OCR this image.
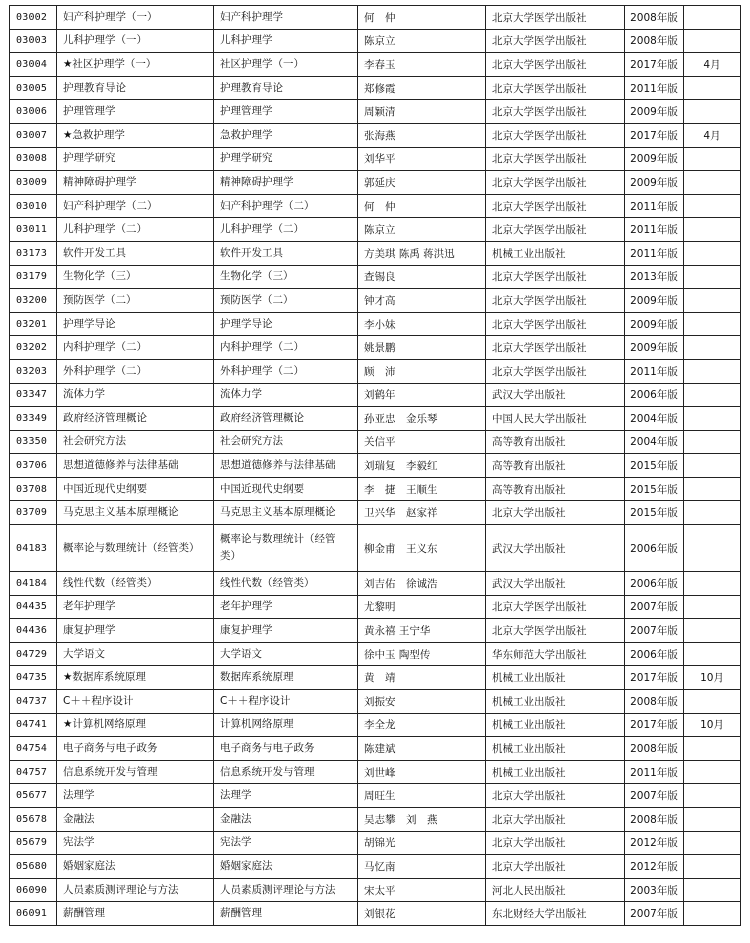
03002	妇产科护理学（一）	妇产科护理学	何　仲	北京大学医学出版社	2008年版	
03003	儿科护理学（一）	儿科护理学	陈京立	北京大学医学出版社	2008年版	
03004	★社区护理学（一）	社区护理学（一）	李春玉	北京大学医学出版社	2017年版	4月
03005	护理教育导论	护理教育导论	郑修霞	北京大学医学出版社	2011年版	
03006	护理管理学	护理管理学	周颖清	北京大学医学出版社	2009年版	
03007	★急救护理学	急救护理学	张海燕	北京大学医学出版社	2017年版	4月
03008	护理学研究	护理学研究	刘华平	北京大学医学出版社	2009年版	
03009	精神障碍护理学	精神障碍护理学	郭延庆	北京大学医学出版社	2009年版	
03010	妇产科护理学（二）	妇产科护理学（二）	何　仲	北京大学医学出版社	2011年版	
03011	儿科护理学（二）	儿科护理学（二）	陈京立	北京大学医学出版社	2011年版	
03173	软件开发工具	软件开发工具	方美琪 陈禹 蒋洪迅	机械工业出版社	2011年版	
03179	生物化学（三）	生物化学（三）	查锡良	北京大学医学出版社	2013年版	
03200	预防医学（二）	预防医学（二）	钟才高	北京大学医学出版社	2009年版	
03201	护理学导论	护理学导论	李小妹	北京大学医学出版社	2009年版	
03202	内科护理学（二）	内科护理学（二）	姚景鹏	北京大学医学出版社	2009年版	
03203	外科护理学（二）	外科护理学（二）	顾　沛	北京大学医学出版社	2011年版	
03347	流体力学	流体力学	刘鹤年	武汉大学出版社	2006年版	
03349	政府经济管理概论	政府经济管理概论	孙亚忠　金乐琴	中国人民大学出版社	2004年版	
03350	社会研究方法	社会研究方法	关信平	高等教育出版社	2004年版	
03706	思想道德修养与法律基础	思想道德修养与法律基础	刘瑞复　李毅红	高等教育出版社	2015年版	
03708	中国近现代史纲要	中国近现代史纲要	李　捷　王顺生	高等教育出版社	2015年版	
03709	马克思主义基本原理概论	马克思主义基本原理概论	卫兴华　赵家祥	北京大学出版社	2015年版	
04183	概率论与数理统计（经管类）	概率论与数理统计（经管类）	柳金甫　王义东	武汉大学出版社	2006年版	
04184	线性代数（经管类）	线性代数（经管类）	刘吉佑　徐诚浩	武汉大学出版社	2006年版	
04435	老年护理学	老年护理学	尤黎明	北京大学医学出版社	2007年版	
04436	康复护理学	康复护理学	黄永禧 王宁华	北京大学医学出版社	2007年版	
04729	大学语文	大学语文	徐中玉 陶型传	华东师范大学出版社	2006年版	
04735	★数据库系统原理	数据库系统原理	黄　靖	机械工业出版社	2017年版	10月
04737	C＋＋程序设计	C＋＋程序设计	刘振安	机械工业出版社	2008年版	
04741	★计算机网络原理	计算机网络原理	李全龙	机械工业出版社	2017年版	10月
04754	电子商务与电子政务	电子商务与电子政务	陈建斌	机械工业出版社	2008年版	
04757	信息系统开发与管理	信息系统开发与管理	刘世峰	机械工业出版社	2011年版	
05677	法理学	法理学	周旺生	北京大学出版社	2007年版	
05678	金融法	金融法	吴志攀　刘　燕	北京大学出版社	2008年版	
05679	宪法学	宪法学	胡锦光	北京大学出版社	2012年版	
05680	婚姻家庭法	婚姻家庭法	马忆南	北京大学出版社	2012年版	
06090	人员素质测评理论与方法	人员素质测评理论与方法	宋太平	河北人民出版社	2003年版	
06091	薪酬管理	薪酬管理	刘银花	东北财经大学出版社	2007年版	
